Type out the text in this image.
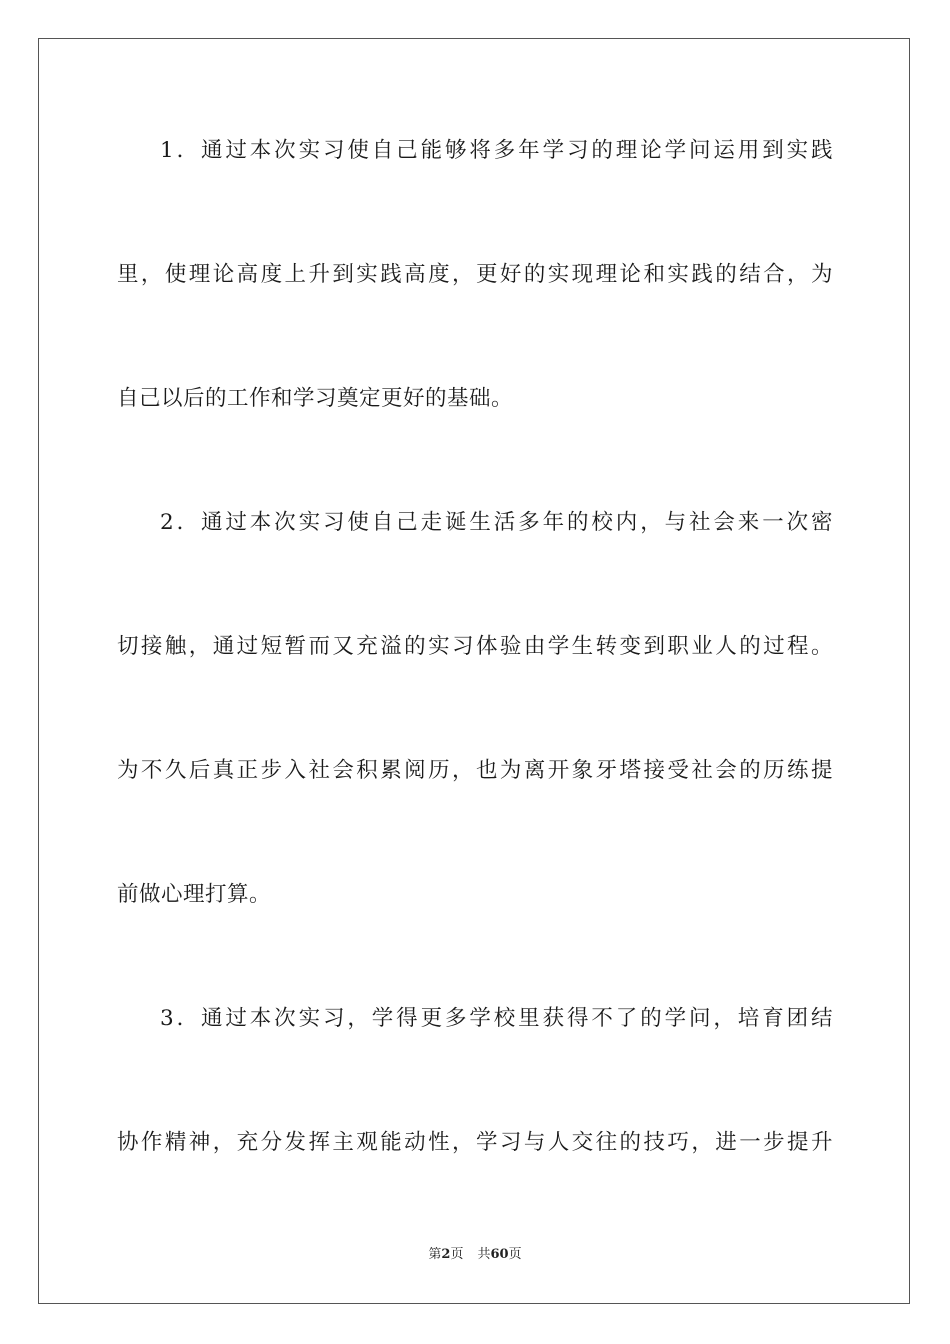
1．通过本次实习使自己能够将多年学习的理论学问运用到实践
里，使理论高度上升到实践高度，更好的实现理论和实践的结合，为
自己以后的工作和学习奠定更好的基础。
2．通过本次实习使自己走诞生活多年的校内，与社会来一次密
切接触，通过短暂而又充溢的实习体验由学生转变到职业人的过程。
为不久后真正步入社会积累阅历，也为离开象牙塔接受社会的历练提
前做心理打算。
3．通过本次实习，学得更多学校里获得不了的学问，培育团结
协作精神，充分发挥主观能动性，学习与人交往的技巧，进一步提升
第2页 共60页
